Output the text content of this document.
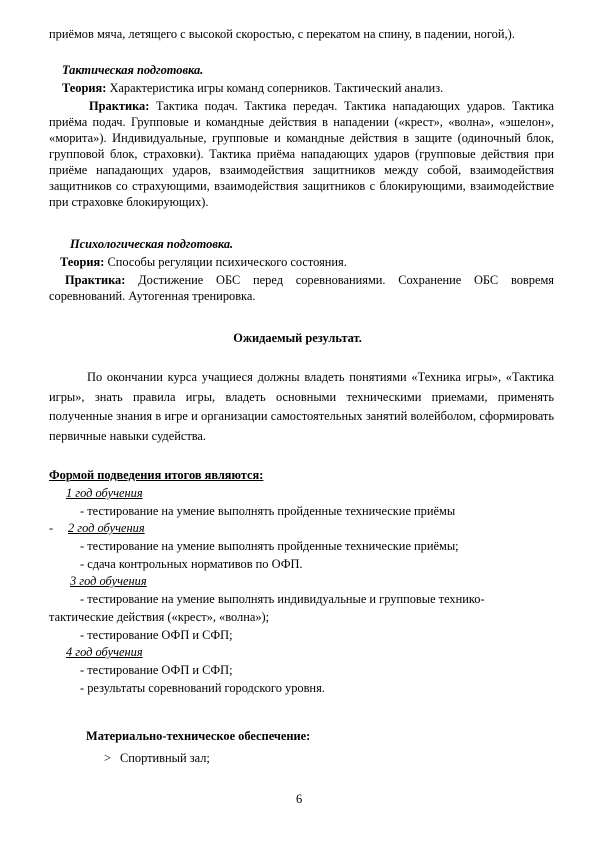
приёмов мяча, летящего с высокой скоростью, с перекатом на спину, в падении, ногой,).
Тактическая подготовка.
Теория: Характеристика игры команд соперников. Тактический анализ.
Практика: Тактика подач. Тактика передач. Тактика нападающих ударов. Тактика приёма подач. Групповые и командные действия в нападении («крест», «волна», «эшелон», «морита»). Индивидуальные, групповые и командные действия в защите (одиночный блок, групповой блок, страховки). Тактика приёма нападающих ударов (групповые действия при приёме нападающих ударов, взаимодействия защитников между собой, взаимодействия защитников со страхующими, взаимодействия защитников с блокирующими, взаимодействие при страховке блокирующих).
Психологическая подготовка.
Теория: Способы регуляции психического состояния.
Практика: Достижение ОБС перед соревнованиями. Сохранение ОБС вовремя соревнований. Аутогенная тренировка.
Ожидаемый результат.
По окончании курса учащиеся должны владеть понятиями «Техника игры», «Тактика игры», знать правила игры, владеть основными техническими приемами, применять полученные знания в игре и организации самостоятельных занятий волейболом, сформировать первичные навыки судейства.
Формой подведения итогов являются:
1 год обучения
- тестирование на умение выполнять пройденные технические приёмы
- 2 год обучения
- тестирование на умение выполнять пройденные технические приёмы;
- сдача контрольных нормативов по ОФП.
3 год обучения
- тестирование на умение выполнять индивидуальные и групповые технико-
тактические действия («крест», «волна»);
- тестирование ОФП и СФП;
4 год обучения
- тестирование ОФП и СФП;
- результаты соревнований городского уровня.
Материально-техническое обеспечение:
> Спортивный зал;
6
